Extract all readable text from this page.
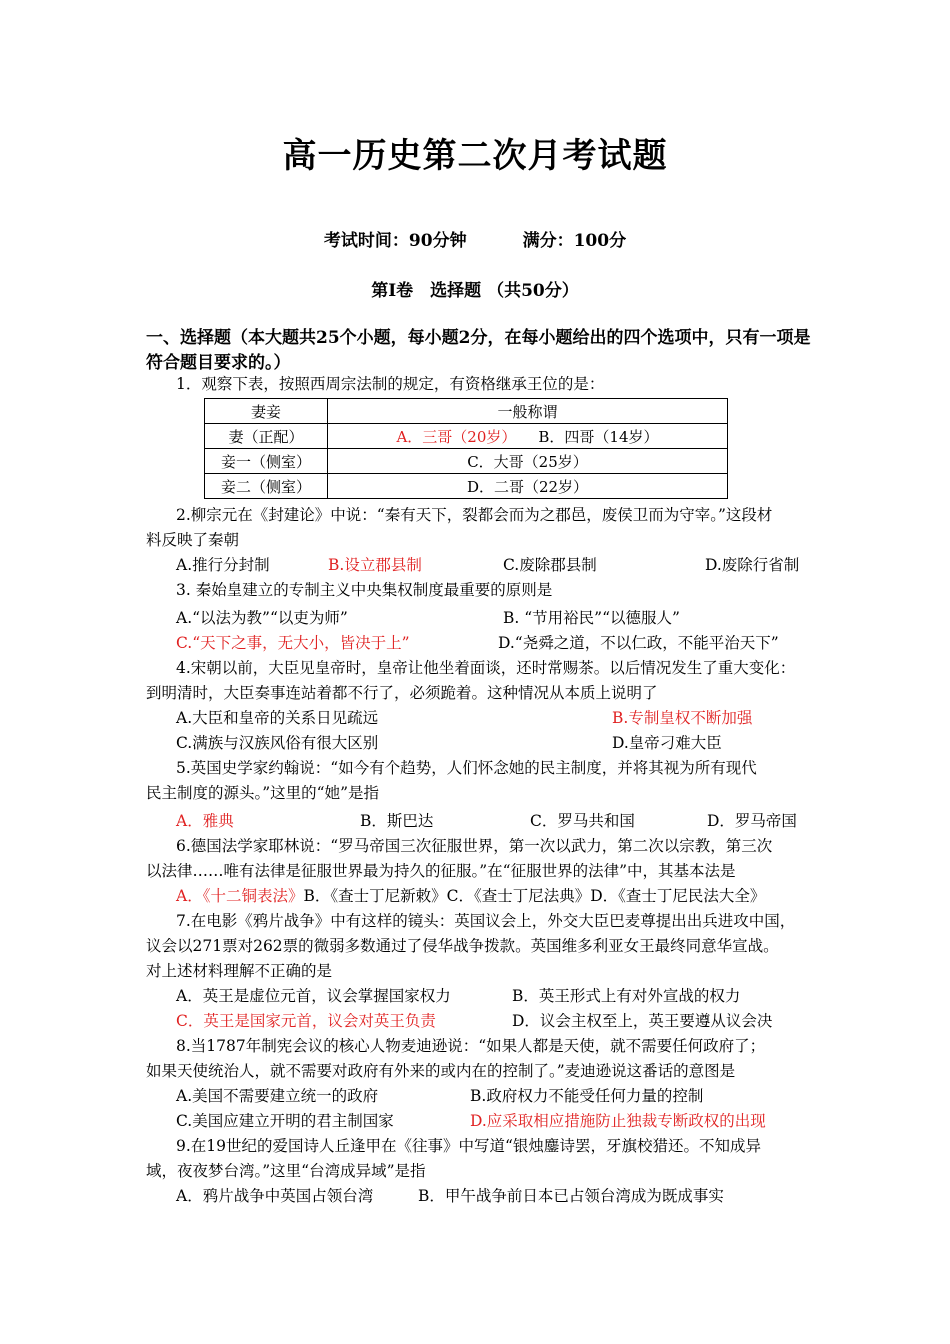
高一历史第二次月考试题
考试时间：90分钟	满分：100分
第Ⅰ卷　选择题 （共50分）
一、选择题（本大题共25个小题，每小题2分，在每小题给出的四个选项中，只有一项是符合题目要求的。）
1．观察下表，按照西周宗法制的规定，有资格继承王位的是：
妻妾	一般称谓
妻（正配）	A．三哥（20岁） B．四哥（14岁）
妾一（侧室）	C．大哥（25岁）
妾二（侧室）	D．二哥（22岁）
2.柳宗元在《封建论》中说：“秦有天下，裂都会而为之郡邑，废侯卫而为守宰。”这段材
料反映了秦朝
A.推行分封制	B.设立郡县制	C.废除郡县制	D.废除行省制
3. 秦始皇建立的专制主义中央集权制度最重要的原则是
A.“以法为教”“以吏为师”	B. “节用裕民”“以德服人”
C.“天下之事，无大小，皆决于上”	D.“尧舜之道，不以仁政，不能平治天下”
4.宋朝以前，大臣见皇帝时，皇帝让他坐着面谈，还时常赐茶。以后情况发生了重大变化：
到明清时，大臣奏事连站着都不行了，必须跪着。这种情况从本质上说明了
A.大臣和皇帝的关系日见疏远	B.专制皇权不断加强
C.满族与汉族风俗有很大区别	D.皇帝刁难大臣
5.英国史学家约翰说：“如今有个趋势，人们怀念她的民主制度，并将其视为所有现代
民主制度的源头。”这里的“她”是指
A．雅典	B．斯巴达	C．罗马共和国	D．罗马帝国
6.德国法学家耶林说：“罗马帝国三次征服世界，第一次以武力，第二次以宗教，第三次
以法律……唯有法律是征服世界最为持久的征服。”在“征服世界的法律”中，其基本法是
A．《十二铜表法》B．《查士丁尼新敕》C．《查士丁尼法典》D．《查士丁尼民法大全》
7.在电影《鸦片战争》中有这样的镜头：英国议会上，外交大臣巴麦尊提出出兵进攻中国，
议会以271票对262票的微弱多数通过了侵华战争拨款。英国维多利亚女王最终同意华宣战。
对上述材料理解不正确的是
A．英王是虚位元首，议会掌握国家权力	B．英王形式上有对外宣战的权力
C．英王是国家元首，议会对英王负责	D．议会主权至上，英王要遵从议会决
8.当1787年制宪会议的核心人物麦迪逊说：“如果人都是天使，就不需要任何政府了；
如果天使统治人，就不需要对政府有外来的或内在的控制了。”麦迪逊说这番话的意图是
A.美国不需要建立统一的政府	B.政府权力不能受任何力量的控制
C.美国应建立开明的君主制国家	D.应采取相应措施防止独裁专断政权的出现
9.在19世纪的爱国诗人丘逢甲在《往事》中写道“银烛鏖诗罢，牙旗校猎还。不知成异
域，夜夜梦台湾。”这里“台湾成异域”是指
A．鸦片战争中英国占领台湾	B．甲午战争前日本已占领台湾成为既成事实
